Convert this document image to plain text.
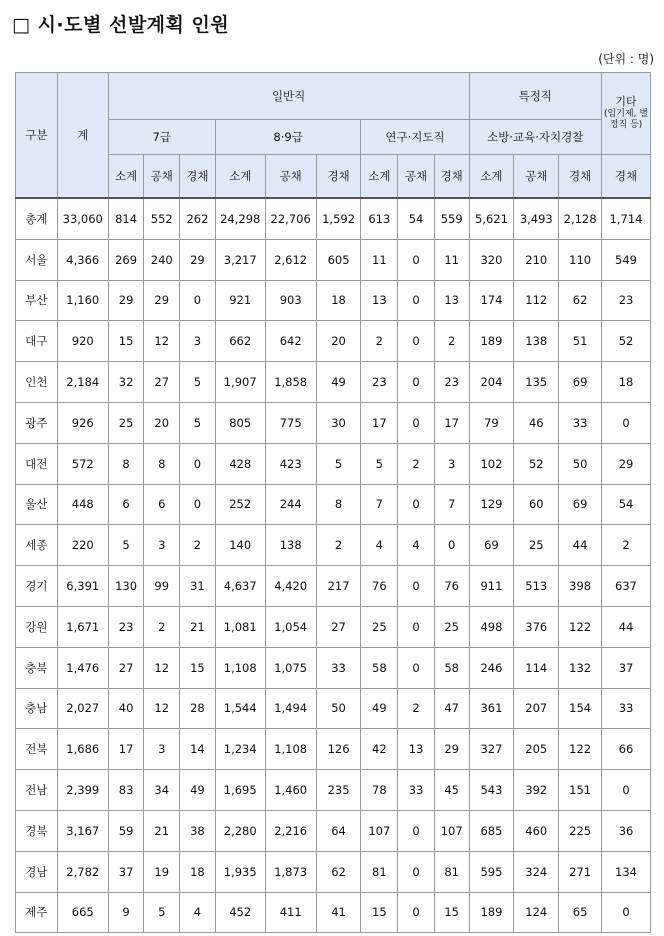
□ 시·도별 선발계획 인원
(단위 : 명)
구분	계	일반직									특정직			기타
(임기제, 별정직 등)

		7급			8·9급			연구·지도직			소방·교육·자치경찰			
		소계	공채	경채	소계	공채	경채	소계	공채	경채	소계	공채	경채	경채
총계	33,060	814	552	262	24,298	22,706	1,592	613	54	559	5,621	3,493	2,128	1,714
서울	4,366	269	240	29	3,217	2,612	605	11	0	11	320	210	110	549
부산	1,160	29	29	0	921	903	18	13	0	13	174	112	62	23
대구	920	15	12	3	662	642	20	2	0	2	189	138	51	52
인천	2,184	32	27	5	1,907	1,858	49	23	0	23	204	135	69	18
광주	926	25	20	5	805	775	30	17	0	17	79	46	33	0
대전	572	8	8	0	428	423	5	5	2	3	102	52	50	29
울산	448	6	6	0	252	244	8	7	0	7	129	60	69	54
세종	220	5	3	2	140	138	2	4	4	0	69	25	44	2
경기	6,391	130	99	31	4,637	4,420	217	76	0	76	911	513	398	637
강원	1,671	23	2	21	1,081	1,054	27	25	0	25	498	376	122	44
충북	1,476	27	12	15	1,108	1,075	33	58	0	58	246	114	132	37
충남	2,027	40	12	28	1,544	1,494	50	49	2	47	361	207	154	33
전북	1,686	17	3	14	1,234	1,108	126	42	13	29	327	205	122	66
전남	2,399	83	34	49	1,695	1,460	235	78	33	45	543	392	151	0
경북	3,167	59	21	38	2,280	2,216	64	107	0	107	685	460	225	36
경남	2,782	37	19	18	1,935	1,873	62	81	0	81	595	324	271	134
제주	665	9	5	4	452	411	41	15	0	15	189	124	65	0
